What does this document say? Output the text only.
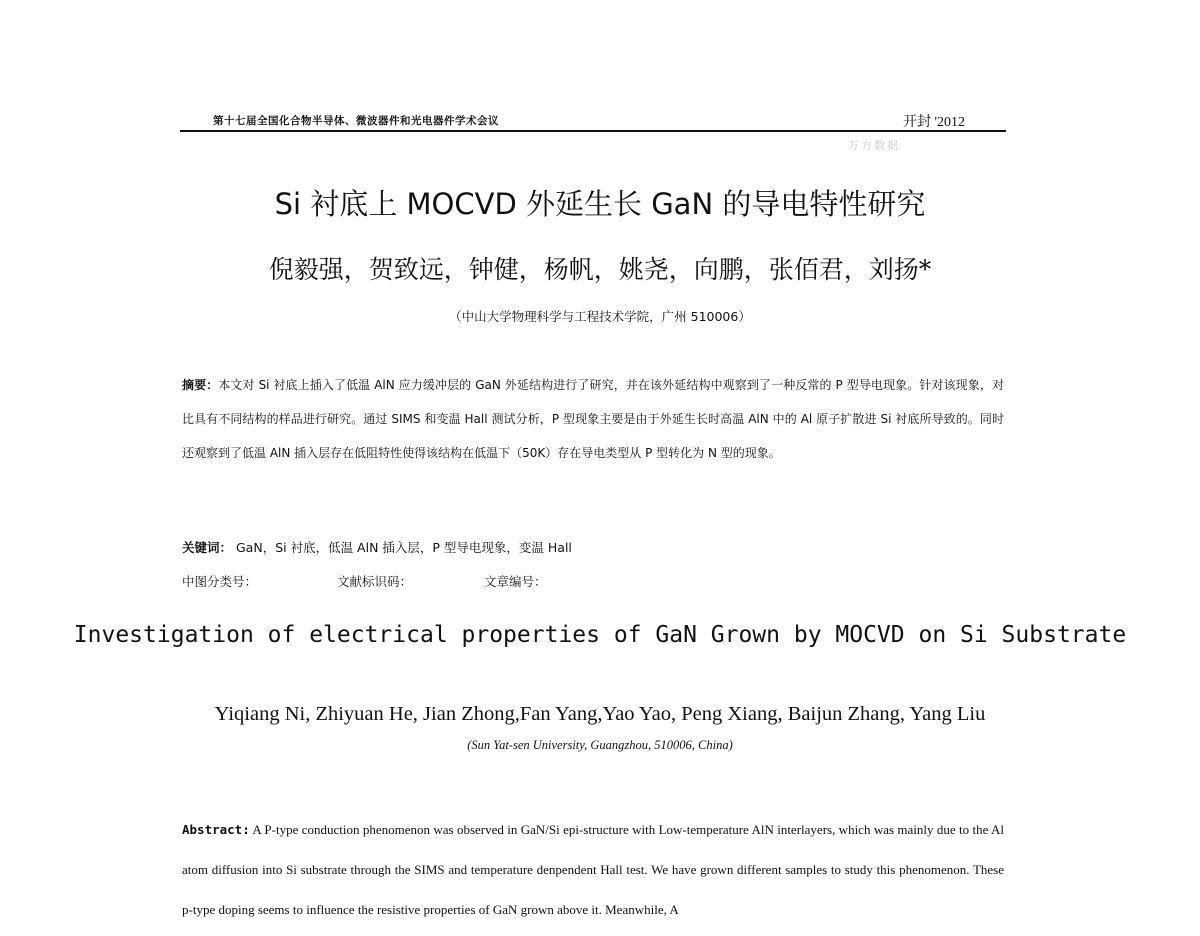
第十七届全国化合物半导体、微波器件和光电器件学术会议	开封 '2012
万方数据
Si 衬底上 MOCVD 外延生长 GaN 的导电特性研究
倪毅强，贺致远，钟健，杨帆，姚尧，向鹏，张佰君，刘扬*
（中山大学物理科学与工程技术学院，广州 510006）
摘要：本文对 Si 衬底上插入了低温 AlN 应力缓冲层的 GaN 外延结构进行了研究，并在该外延结构中观察到了一种反常的 P 型导电现象。针对该现象，对比具有不同结构的样品进行研究。通过 SIMS 和变温 Hall 测试分析，P 型现象主要是由于外延生长时高温 AlN 中的 Al 原子扩散进 Si 衬底所导致的。同时还观察到了低温 AlN 插入层存在低阻特性使得该结构在低温下（50K）存在导电类型从 P 型转化为 N 型的现象。
关键词： GaN，Si 衬底，低温 AlN 插入层，P 型导电现象，变温 Hall
中图分类号：	文献标识码：	文章编号：
Investigation of electrical properties of GaN Grown by MOCVD on Si Substrate
Yiqiang Ni, Zhiyuan He, Jian Zhong,Fan Yang,Yao Yao, Peng Xiang, Baijun Zhang, Yang Liu
(Sun Yat-sen University, Guangzhou, 510006, China)
Abstract: A P-type conduction phenomenon was observed in GaN/Si epi-structure with Low-temperature AlN interlayers, which was mainly due to the Al atom diffusion into Si substrate through the SIMS and temperature denpendent Hall test. We have grown different samples to study this phenomenon. These p-type doping seems to influence the resistive properties of GaN grown above it. Meanwhile, A
